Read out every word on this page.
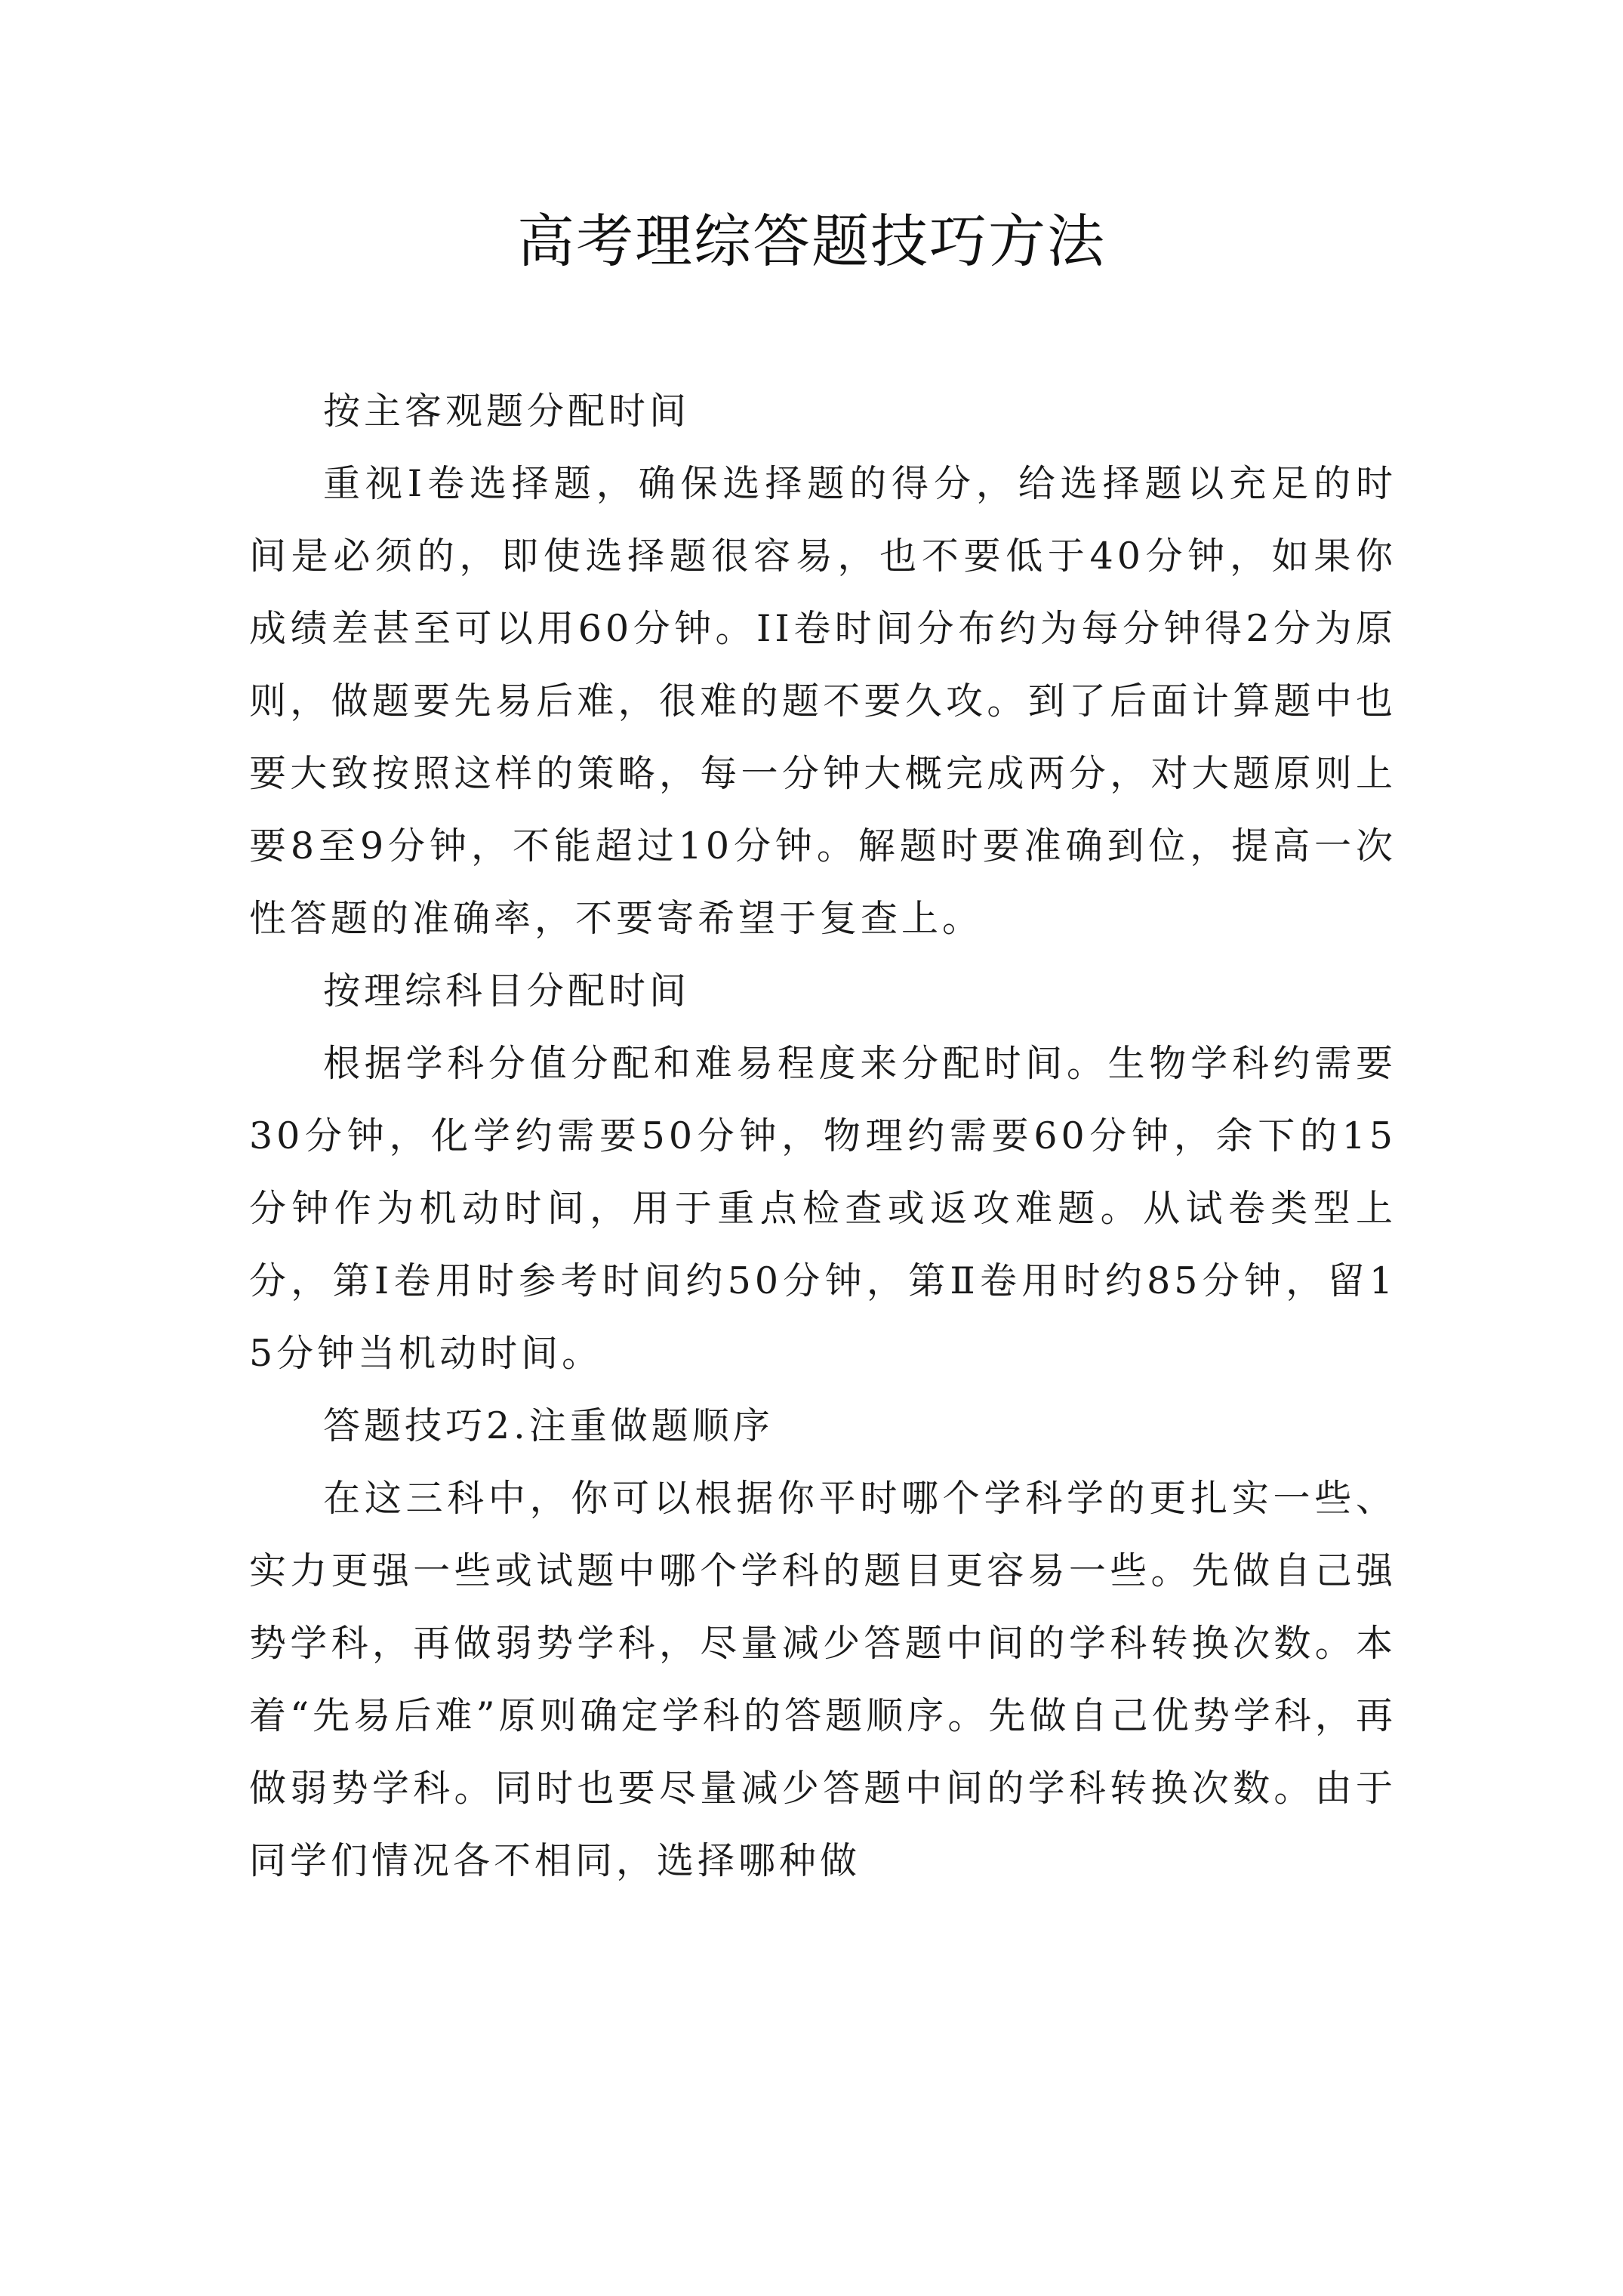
高考理综答题技巧方法

按主客观题分配时间

重视I卷选择题，确保选择题的得分，给选择题以充足的时间是必须的，即使选择题很容易，也不要低于40分钟，如果你成绩差甚至可以用60分钟。II卷时间分布约为每分钟得2分为原则，做题要先易后难，很难的题不要久攻。到了后面计算题中也要大致按照这样的策略，每一分钟大概完成两分，对大题原则上要8至9分钟，不能超过10分钟。解题时要准确到位，提高一次性答题的准确率，不要寄希望于复查上。

按理综科目分配时间

根据学科分值分配和难易程度来分配时间。生物学科约需要30分钟，化学约需要50分钟，物理约需要60分钟，余下的15分钟作为机动时间，用于重点检查或返攻难题。从试卷类型上分，第Ⅰ卷用时参考时间约50分钟，第Ⅱ卷用时约85分钟，留15分钟当机动时间。

答题技巧2.注重做题顺序

在这三科中，你可以根据你平时哪个学科学的更扎实一些、实力更强一些或试题中哪个学科的题目更容易一些。先做自己强势学科，再做弱势学科，尽量减少答题中间的学科转换次数。本着“先易后难”原则确定学科的答题顺序。先做自己优势学科，再做弱势学科。同时也要尽量减少答题中间的学科转换次数。由于同学们情况各不相同，选择哪种做
